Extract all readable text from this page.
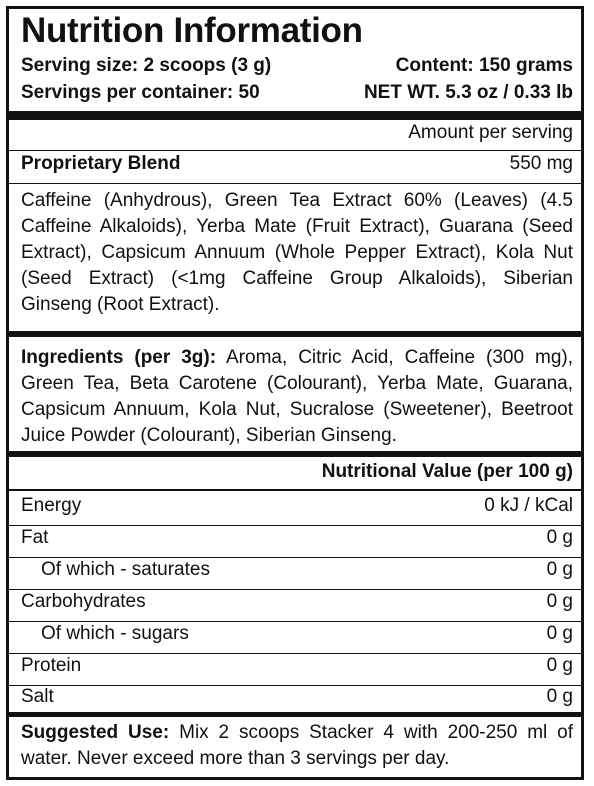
Nutrition Information
Serving size: 2 scoops (3 g)	Content: 150 grams
Servings per container: 50	NET WT. 5.3 oz / 0.33 lb
Amount per serving
Proprietary Blend	550 mg
Caffeine (Anhydrous), Green Tea Extract 60% (Leaves) (4.5 Caffeine Alkaloids), Yerba Mate (Fruit Extract), Guarana (Seed Extract), Capsicum Annuum (Whole Pepper Extract), Kola Nut (Seed Extract) (<1mg Caffeine Group Alkaloids), Siberian Ginseng (Root Extract).
Ingredients (per 3g): Aroma, Citric Acid, Caffeine (300 mg), Green Tea, Beta Carotene (Colourant), Yerba Mate, Guarana, Capsicum Annuum, Kola Nut, Sucralose (Sweetener), Beetroot Juice Powder (Colourant), Siberian Ginseng.
Nutritional Value (per 100 g)
Energy	0 kJ / kCal
Fat	0 g
Of which - saturates	0 g
Carbohydrates	0 g
Of which - sugars	0 g
Protein	0 g
Salt	0 g
Suggested Use: Mix 2 scoops Stacker 4 with 200-250 ml of water. Never exceed more than 3 servings per day.
